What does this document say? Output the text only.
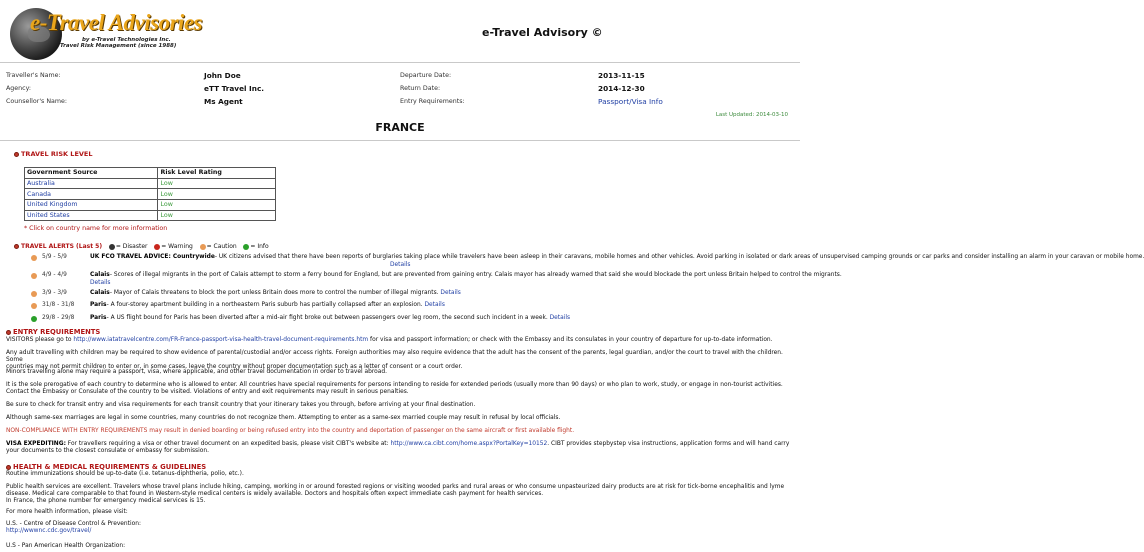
e-Travel Advisories
by e-Travel Technologies Inc.
Travel Risk Management (since 1988)
e-Travel Advisory ©
Traveller's Name:	John Doe
Agency:	eTT Travel Inc.
Counsellor's Name:	Ms Agent
Departure Date:	2013-11-15
Return Date:	2014-12-30
Entry Requirements:	Passport/Visa Info
Last Updated: 2014-03-10
FRANCE
TRAVEL RISK LEVEL
Government Source	Risk Level Rating
Australia	Low
Canada	Low
United Kingdom	Low
United States	Low
* Click on country name for more information
TRAVEL ALERTS (Last 5) = Disaster = Warning = Caution = Info
5/9 - 5/9	UK FCO TRAVEL ADVICE: Countrywide- UK citizens advised that there have been reports of burglaries taking place while travelers have been asleep in their caravans, mobile homes and other vehicles. Avoid parking in isolated or dark areas of unsupervised camping grounds or car parks and consider installing an alarm in your caravan or mobile home.
Details
4/9 - 4/9	Calais- Scores of illegal migrants in the port of Calais attempt to storm a ferry bound for England, but are prevented from gaining entry. Calais mayor has already warned that said she would blockade the port unless Britain helped to control the migrants.
Details
3/9 - 3/9	Calais- Mayor of Calais threatens to block the port unless Britain does more to control the number of illegal migrants. Details
31/8 - 31/8	Paris- A four-storey apartment building in a northeastern Paris suburb has partially collapsed after an explosion. Details
29/8 - 29/8	Paris- A US flight bound for Paris has been diverted after a mid-air fight broke out between passengers over leg room, the second such incident in a week. Details
ENTRY REQUIREMENTS
VISITORS please go to http://www.iatatravelcentre.com/FR-France-passport-visa-health-travel-document-requirements.htm for visa and passport information; or check with the Embassy and its consulates in your country of departure for up-to-date information.
Any adult travelling with children may be required to show evidence of parental/custodial and/or access rights. Foreign authorities may also require evidence that the adult has the consent of the parents, legal guardian, and/or the court to travel with the children. Some
countries may not permit children to enter or, in some cases, leave the country without proper documentation such as a letter of consent or a court order.
Minors travelling alone may require a passport, visa, where applicable, and other travel documentation in order to travel abroad.
It is the sole prerogative of each country to determine who is allowed to enter. All countries have special requirements for persons intending to reside for extended periods (usually more than 90 days) or who plan to work, study, or engage in non-tourist activities.
Contact the Embassy or Consulate of the country to be visited. Violations of entry and exit requirements may result in serious penalties.
Be sure to check for transit entry and visa requirements for each transit country that your itinerary takes you through, before arriving at your final destination.
Although same-sex marriages are legal in some countries, many countries do not recognize them. Attempting to enter as a same-sex married couple may result in refusal by local officials.
NON-COMPLIANCE WITH ENTRY REQUIREMENTS may result in denied boarding or being refused entry into the country and deportation of passenger on the same aircraft or first available flight.
VISA EXPEDITING: For travellers requiring a visa or other travel document on an expedited basis, please visit CIBT's website at: http://www.ca.cibt.com/home.aspx?PortalKey=10152. CIBT provides stepbystep visa instructions, application forms and will hand carry
your documents to the closest consulate or embassy for submission.
HEALTH & MEDICAL REQUIREMENTS & GUIDELINES
Routine immunizations should be up-to-date (i.e. tetanus-diphtheria, polio, etc.).
Public health services are excellent. Travelers whose travel plans include hiking, camping, working in or around forested regions or visiting wooded parks and rural areas or who consume unpasteurized dairy products are at risk for tick-borne encephalitis and lyme
disease. Medical care comparable to that found in Western-style medical centers is widely available. Doctors and hospitals often expect immediate cash payment for health services.
In France, the phone number for emergency medical services is 15.
For more health information, please visit:
U.S. - Centre of Disease Control & Prevention:
http://wwwnc.cdc.gov/travel/
U.S - Pan American Health Organization:
